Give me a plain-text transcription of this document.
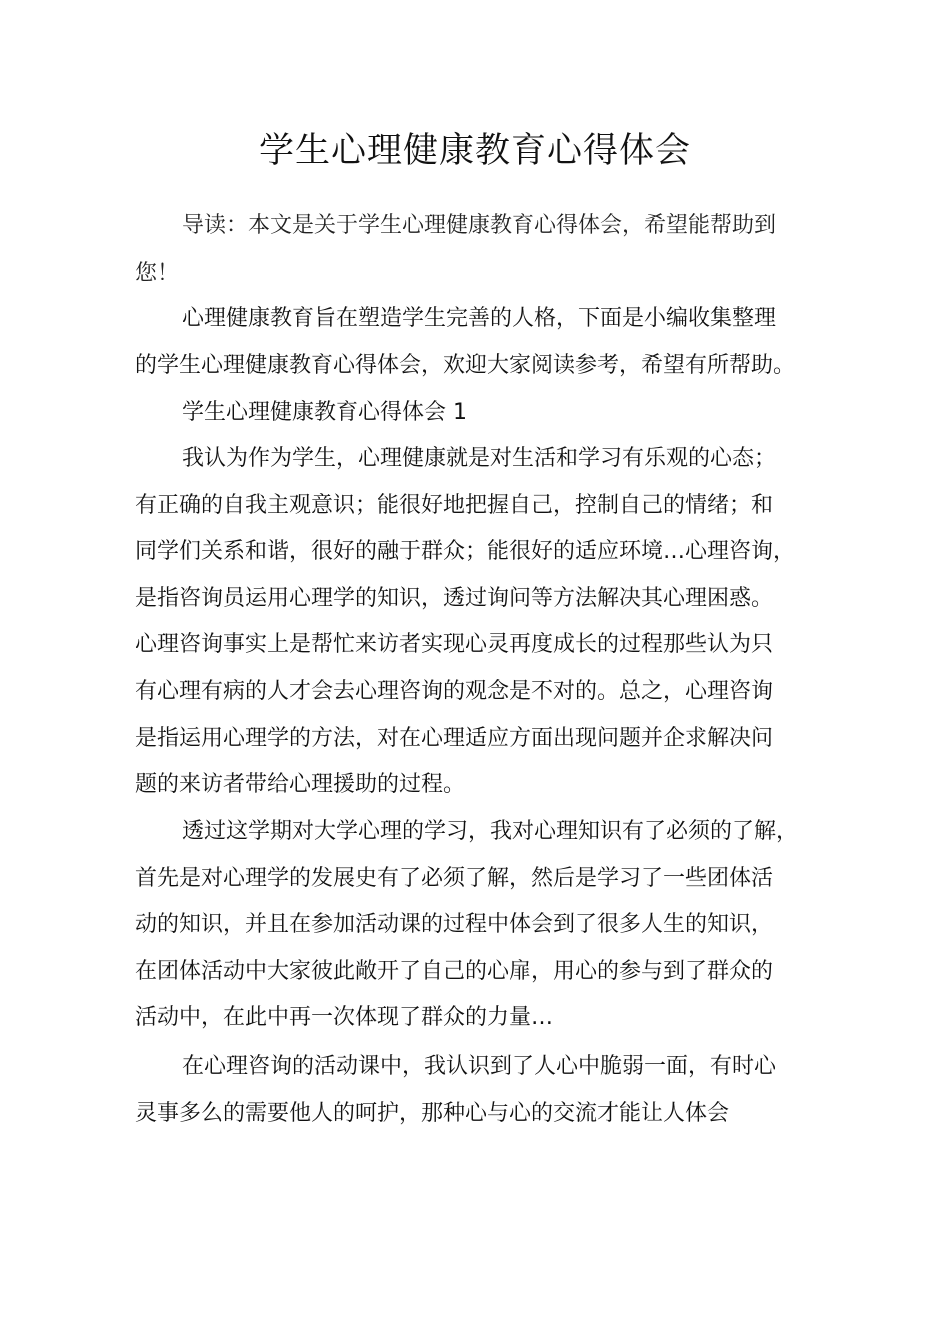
学生心理健康教育心得体会
导读：本文是关于学生心理健康教育心得体会，希望能帮助到
您！
心理健康教育旨在塑造学生完善的人格，下面是小编收集整理
的学生心理健康教育心得体会，欢迎大家阅读参考，希望有所帮助。
学生心理健康教育心得体会 1
我认为作为学生，心理健康就是对生活和学习有乐观的心态；
有正确的自我主观意识；能很好地把握自己，控制自己的情绪；和
同学们关系和谐，很好的融于群众；能很好的适应环境…心理咨询，
是指咨询员运用心理学的知识，透过询问等方法解决其心理困惑。
心理咨询事实上是帮忙来访者实现心灵再度成长的过程那些认为只
有心理有病的人才会去心理咨询的观念是不对的。总之，心理咨询
是指运用心理学的方法，对在心理适应方面出现问题并企求解决问
题的来访者带给心理援助的过程。
透过这学期对大学心理的学习，我对心理知识有了必须的了解，
首先是对心理学的发展史有了必须了解，然后是学习了一些团体活
动的知识，并且在参加活动课的过程中体会到了很多人生的知识，
在团体活动中大家彼此敞开了自己的心扉，用心的参与到了群众的
活动中，在此中再一次体现了群众的力量…
在心理咨询的活动课中，我认识到了人心中脆弱一面，有时心
灵事多么的需要他人的呵护，那种心与心的交流才能让人体会
